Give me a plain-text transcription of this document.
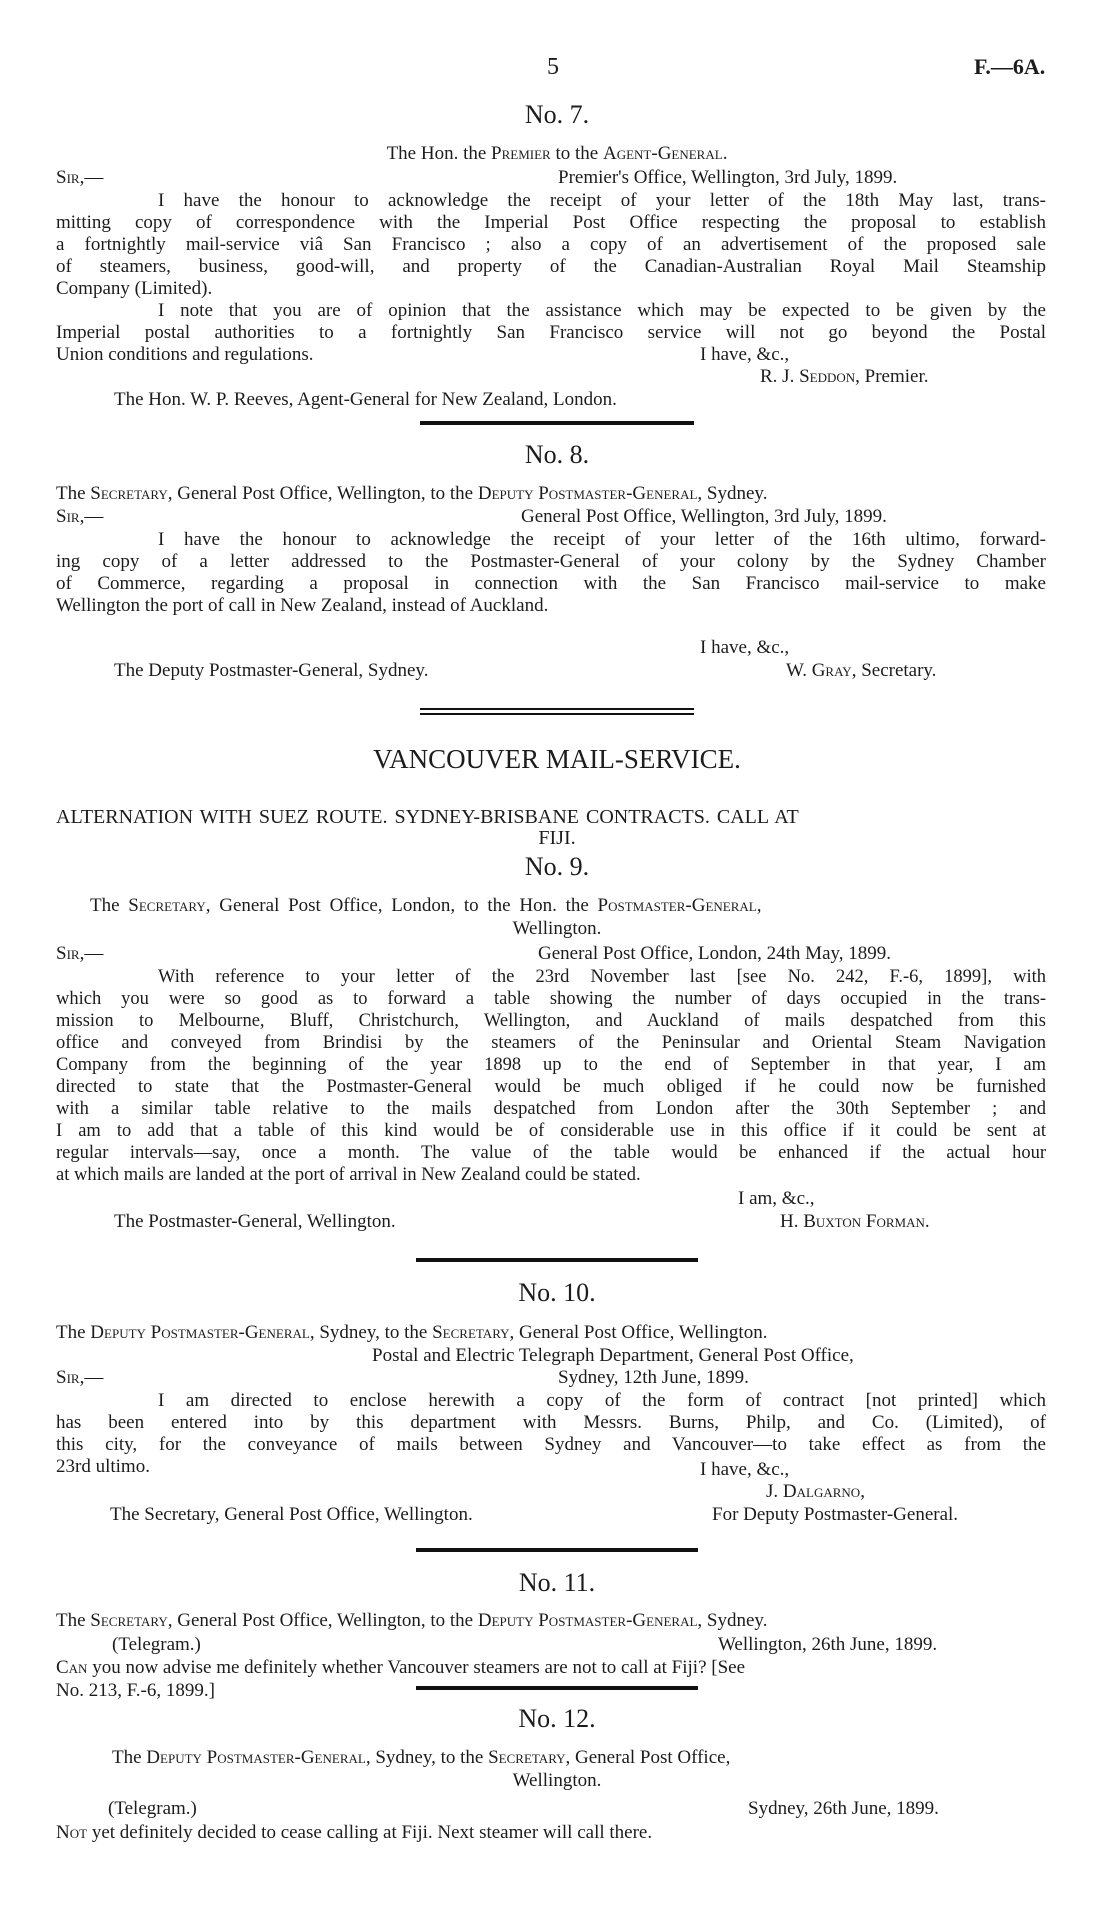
5	F.—6A.
No. 7.
The Hon. the Premier to the Agent-General.
Sir,—	Premier's Office, Wellington, 3rd July, 1899.
I have the honour to acknowledge the receipt of your letter of the 18th May last, trans-
mitting copy of correspondence with the Imperial Post Office respecting the proposal to establish
a fortnightly mail-service viâ San Francisco ; also a copy of an advertisement of the proposed sale
of steamers, business, good-will, and property of the Canadian-Australian Royal Mail Steamship
Company (Limited).
I note that you are of opinion that the assistance which may be expected to be given by the
Imperial postal authorities to a fortnightly San Francisco service will not go beyond the Postal
Union conditions and regulations.	I have, &c.,
R. J. Seddon, Premier.
The Hon. W. P. Reeves, Agent-General for New Zealand, London.
No. 8.
The Secretary, General Post Office, Wellington, to the Deputy Postmaster-General, Sydney.
Sir,—	General Post Office, Wellington, 3rd July, 1899.
I have the honour to acknowledge the receipt of your letter of the 16th ultimo, forward-
ing copy of a letter addressed to the Postmaster-General of your colony by the Sydney Chamber
of Commerce, regarding a proposal in connection with the San Francisco mail-service to make
Wellington the port of call in New Zealand, instead of Auckland.
I have, &c.,
The Deputy Postmaster-General, Sydney.	W. Gray, Secretary.
VANCOUVER MAIL-SERVICE.
ALTERNATION WITH SUEZ ROUTE. SYDNEY-BRISBANE CONTRACTS. CALL AT
FIJI.
No. 9.
The Secretary, General Post Office, London, to the Hon. the Postmaster-General,
Wellington.
Sir,—	General Post Office, London, 24th May, 1899.
With reference to your letter of the 23rd November last [see No. 242, F.-6, 1899], with
which you were so good as to forward a table showing the number of days occupied in the trans-
mission to Melbourne, Bluff, Christchurch, Wellington, and Auckland of mails despatched from this
office and conveyed from Brindisi by the steamers of the Peninsular and Oriental Steam Navigation
Company from the beginning of the year 1898 up to the end of September in that year, I am
directed to state that the Postmaster-General would be much obliged if he could now be furnished
with a similar table relative to the mails despatched from London after the 30th September ; and
I am to add that a table of this kind would be of considerable use in this office if it could be sent at
regular intervals—say, once a month. The value of the table would be enhanced if the actual hour
at which mails are landed at the port of arrival in New Zealand could be stated.
I am, &c.,
The Postmaster-General, Wellington.	H. Buxton Forman.
No. 10.
The Deputy Postmaster-General, Sydney, to the Secretary, General Post Office, Wellington.
Postal and Electric Telegraph Department, General Post Office,
Sir,—	Sydney, 12th June, 1899.
I am directed to enclose herewith a copy of the form of contract [not printed] which
has been entered into by this department with Messrs. Burns, Philp, and Co. (Limited), of
this city, for the conveyance of mails between Sydney and Vancouver—to take effect as from the
23rd ultimo.	I have, &c.,
J. Dalgarno,
The Secretary, General Post Office, Wellington.	For Deputy Postmaster-General.
No. 11.
The Secretary, General Post Office, Wellington, to the Deputy Postmaster-General, Sydney.
(Telegram.)	Wellington, 26th June, 1899.
Can you now advise me definitely whether Vancouver steamers are not to call at Fiji? [See
No. 213, F.-6, 1899.]
No. 12.
The Deputy Postmaster-General, Sydney, to the Secretary, General Post Office,
Wellington.
(Telegram.)	Sydney, 26th June, 1899.
Not yet definitely decided to cease calling at Fiji. Next steamer will call there.
